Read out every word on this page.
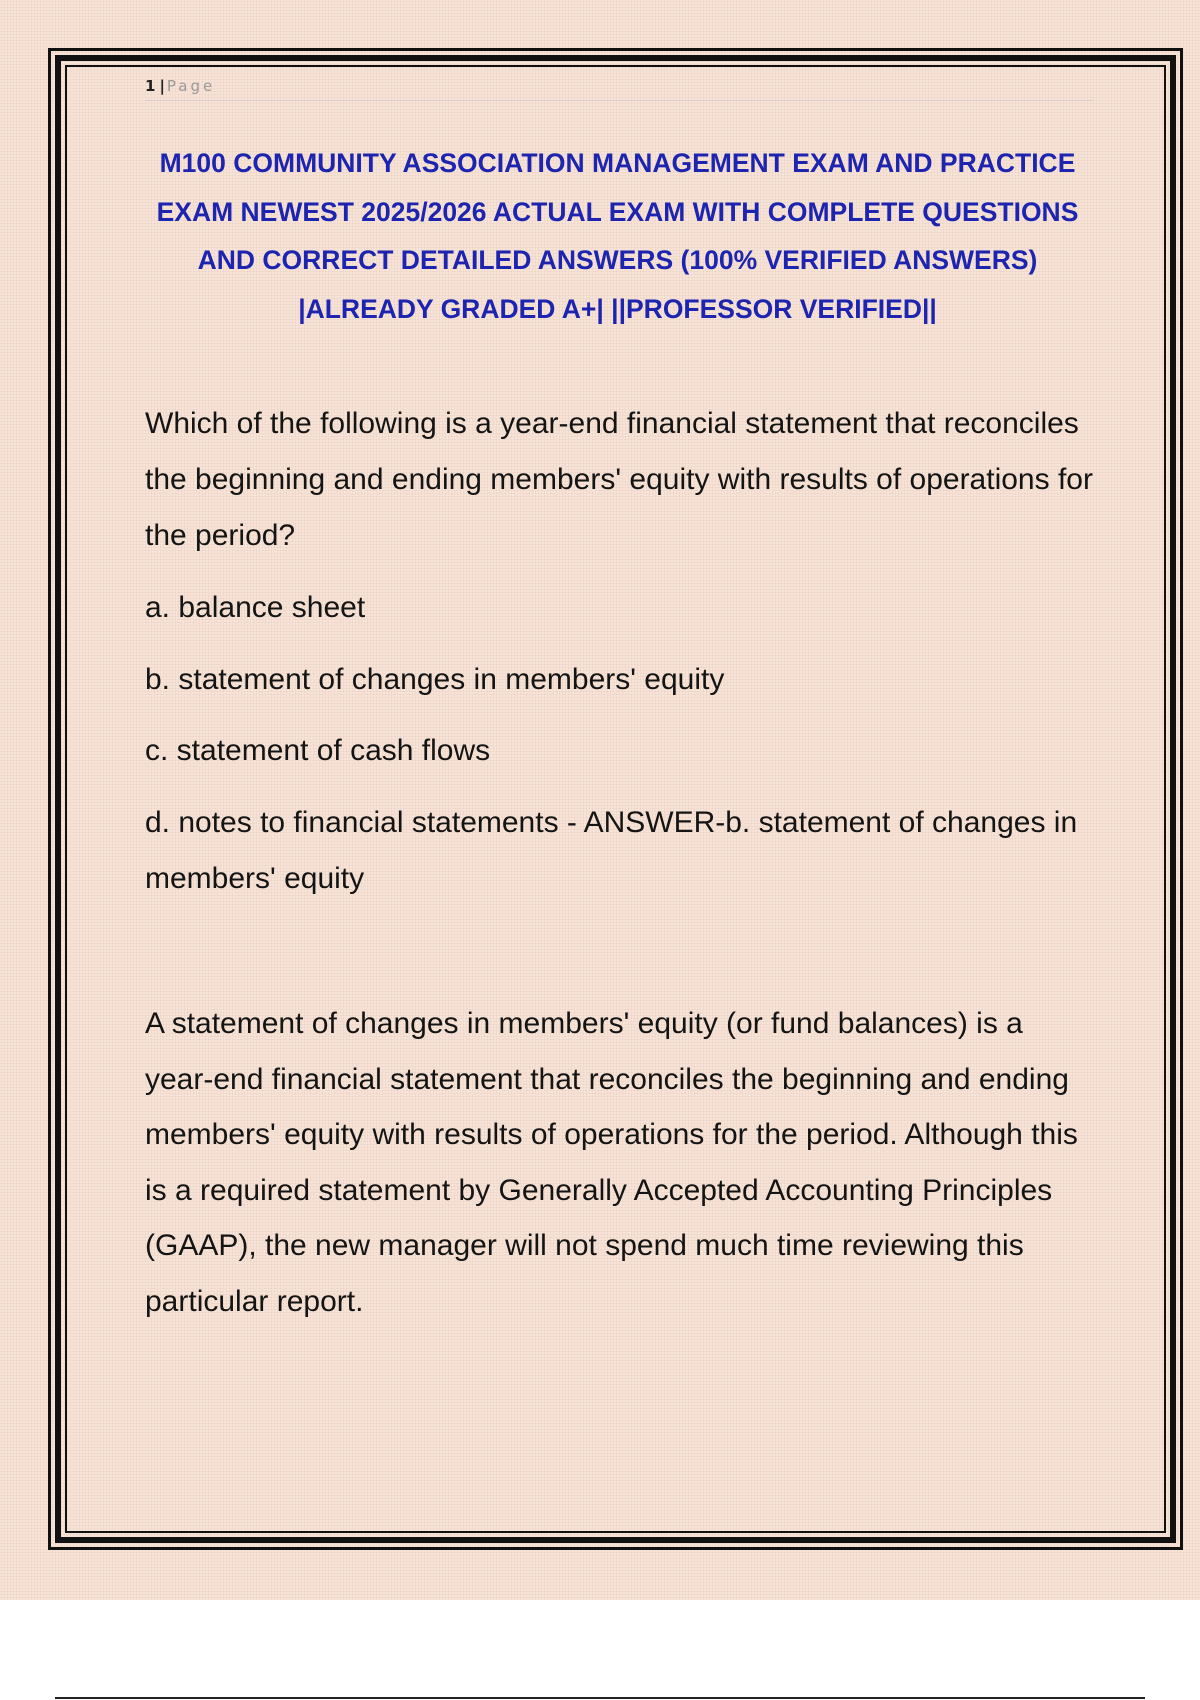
1 | Page
M100 COMMUNITY ASSOCIATION MANAGEMENT EXAM AND PRACTICE EXAM NEWEST 2025/2026 ACTUAL EXAM WITH COMPLETE QUESTIONS AND CORRECT DETAILED ANSWERS (100% VERIFIED ANSWERS) |ALREADY GRADED A+| ||PROFESSOR VERIFIED||

Which of the following is a year-end financial statement that reconciles the beginning and ending members' equity with results of operations for the period?

a. balance sheet

b. statement of changes in members' equity

c. statement of cash flows

d. notes to financial statements - ANSWER-b. statement of changes in members' equity

A statement of changes in members' equity (or fund balances) is a year-end financial statement that reconciles the beginning and ending members' equity with results of operations for the period. Although this is a required statement by Generally Accepted Accounting Principles (GAAP), the new manager will not spend much time reviewing this particular report.
